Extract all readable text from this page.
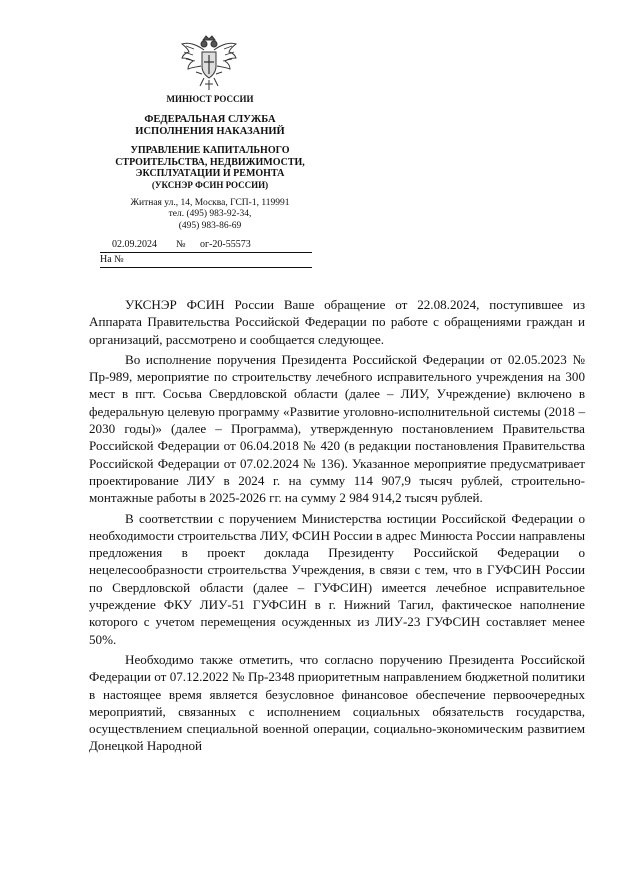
МИНЮСТ РОССИИ
ФЕДЕРАЛЬНАЯ СЛУЖБА
ИСПОЛНЕНИЯ НАКАЗАНИЙ
УПРАВЛЕНИЕ КАПИТАЛЬНОГО
СТРОИТЕЛЬСТВА, НЕДВИЖИМОСТИ,
ЭКСПЛУАТАЦИИ И РЕМОНТА
(УКСНЭР ФСИН РОССИИ)
Житная ул., 14, Москва, ГСП-1, 119991
тел. (495) 983-92-34,
(495) 983-86-69
02.09.2024 № ог-20-55573
На №

УКСНЭР ФСИН России Ваше обращение от 22.08.2024, поступившее из Аппарата Правительства Российской Федерации по работе с обращениями граждан и организаций, рассмотрено и сообщается следующее.

Во исполнение поручения Президента Российской Федерации от 02.05.2023 № Пр-989, мероприятие по строительству лечебного исправительного учреждения на 300 мест в пгт. Сосьва Свердловской области (далее – ЛИУ, Учреждение) включено в федеральную целевую программу «Развитие уголовно-исполнительной системы (2018 – 2030 годы)» (далее – Программа), утвержденную постановлением Правительства Российской Федерации от 06.04.2018 № 420 (в редакции постановления Правительства Российской Федерации от 07.02.2024 № 136). Указанное мероприятие предусматривает проектирование ЛИУ в 2024 г. на сумму 114 907,9 тысяч рублей, строительно-монтажные работы в 2025-2026 гг. на сумму 2 984 914,2 тысяч рублей.

В соответствии с поручением Министерства юстиции Российской Федерации о необходимости строительства ЛИУ, ФСИН России в адрес Минюста России направлены предложения в проект доклада Президенту Российской Федерации о нецелесообразности строительства Учреждения, в связи с тем, что в ГУФСИН России по Свердловской области (далее – ГУФСИН) имеется лечебное исправительное учреждение ФКУ ЛИУ-51 ГУФСИН в г. Нижний Тагил, фактическое наполнение которого с учетом перемещения осужденных из ЛИУ-23 ГУФСИН составляет менее 50%.

Необходимо также отметить, что согласно поручению Президента Российской Федерации от 07.12.2022 № Пр-2348 приоритетным направлением бюджетной политики в настоящее время является безусловное финансовое обеспечение первоочередных мероприятий, связанных с исполнением социальных обязательств государства, осуществлением специальной военной операции, социально-экономическим развитием Донецкой Народной
